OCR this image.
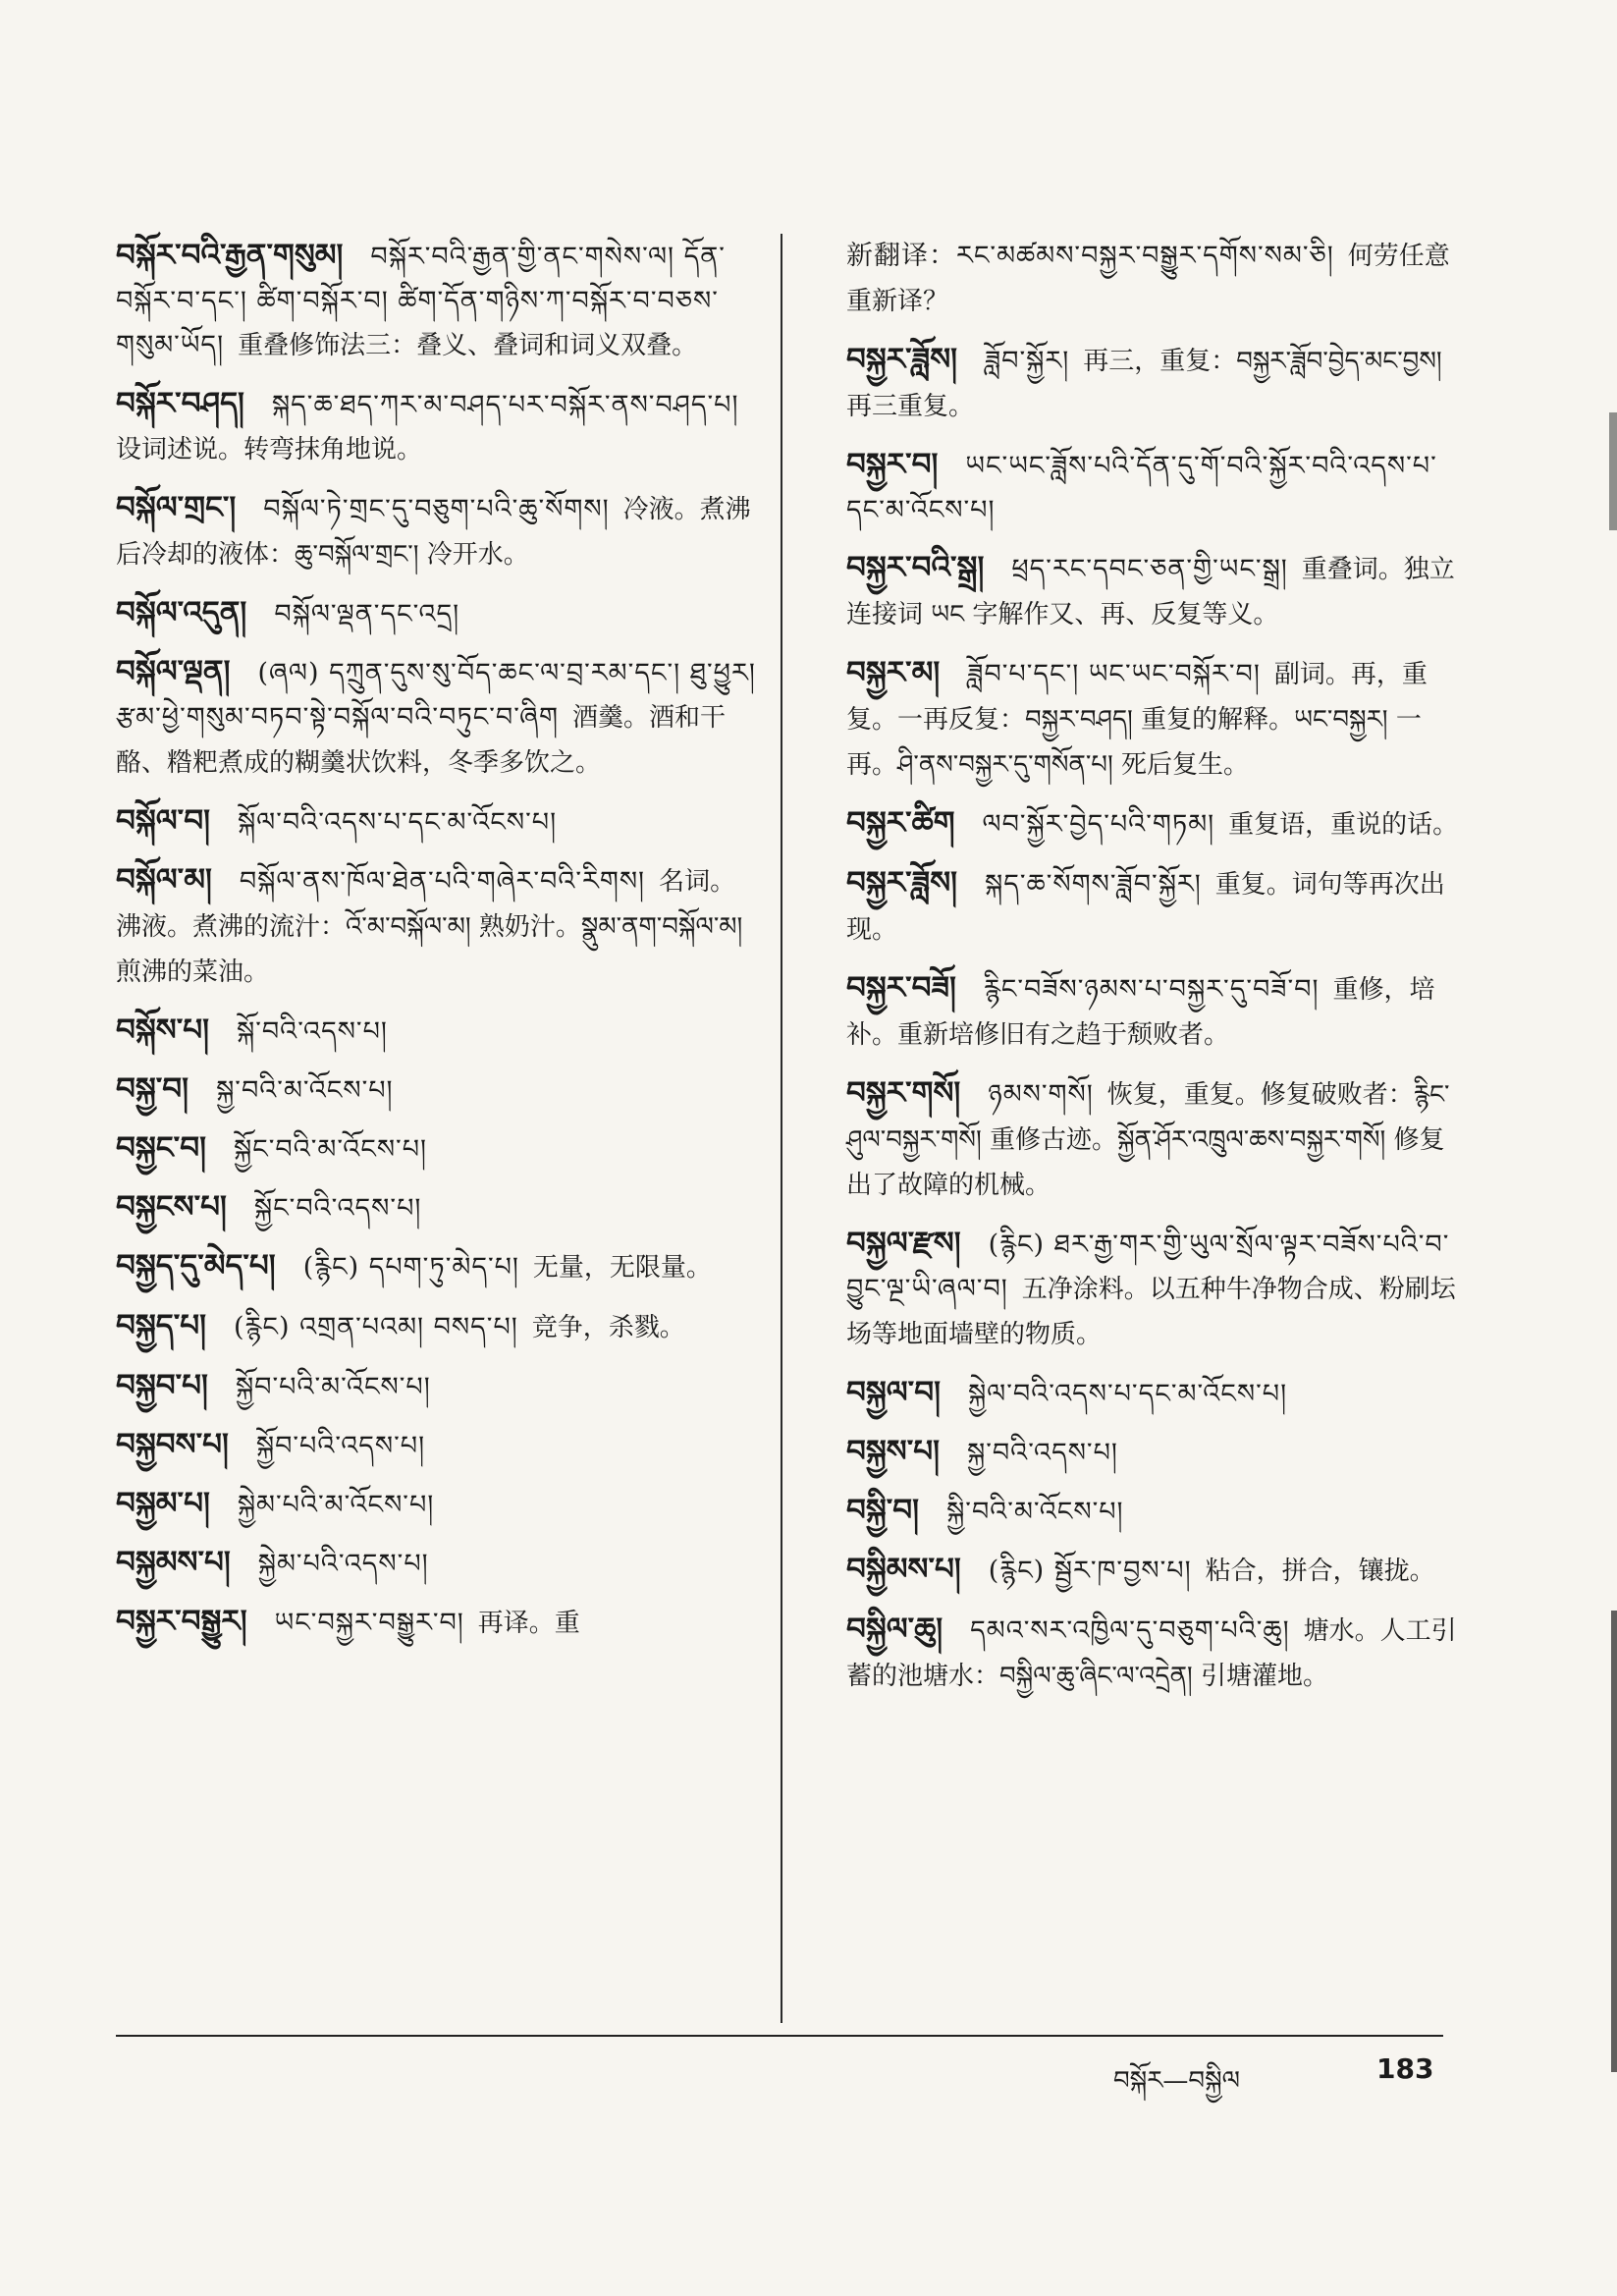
བསྐོར་བའི་རྒྱན་གསུམ། བསྐོར་བའི་རྒྱན་གྱི་ནང་གསེས་ལ། དོན་བསྐོར་བ་དང་། ཚིག་བསྐོར་བ། ཚིག་དོན་གཉིས་ཀ་བསྐོར་བ་བཅས་གསུམ་ཡོད། 重叠修饰法三：叠义、叠词和词义双叠。
བསྐོར་བཤད། སྐད་ཆ་ཐད་ཀར་མ་བཤད་པར་བསྐོར་ནས་བཤད་པ།设词述说。转弯抹角地说。
བསྐོལ་གྲང་། བསྐོལ་ཏེ་གྲང་དུ་བཅུག་པའི་ཆུ་སོགས། 冷液。煮沸后冷却的液体：ཆུ་བསྐོལ་གྲང་། 冷开水。
བསྐོལ་འདུན། བསྐོལ་ལྡན་དང་འདྲ།
བསྐོལ་ལྡན། (ཞལ) དཀྲུན་དུས་སུ་བོད་ཆང་ལ་བྲ་རམ་དང་། ཐུ་ཕྱུར། རྩམ་ཕྱེ་གསུམ་བཏབ་སྟེ་བསྐོལ་བའི་བཏུང་བ་ཞིག 酒羹。酒和干酪、糌粑煮成的糊羹状饮料，冬季多饮之。
བསྐོལ་བ། སྐོལ་བའི་འདས་པ་དང་མ་འོངས་པ།
བསྐོལ་མ། བསྐོལ་ནས་ཁོལ་ཐེན་པའི་གཞེར་བའི་རིགས། 名词。沸液。煮沸的流汁：འོ་མ་བསྐོལ་མ། 熟奶汁。སྣུམ་ནག་བསྐོལ་མ། 煎沸的菜油。
བསྐོས་པ། སྐོ་བའི་འདས་པ།
བསྐྱ་བ། སྐྱ་བའི་མ་འོངས་པ།
བསྐྱང་བ། སྐྱོང་བའི་མ་འོངས་པ།
བསྐྱངས་པ། སྐྱོང་བའི་འདས་པ།
བསྐྱད་དུ་མེད་པ། (རྙིང) དཔག་ཏུ་མེད་པ། 无量，无限量。
བསྐྱད་པ། (རྙིང) འགྲན་པའམ། བསད་པ། 竞争，杀戮。
བསྐྱབ་པ། སྐྱོབ་པའི་མ་འོངས་པ།
བསྐྱབས་པ། སྐྱོབ་པའི་འདས་པ།
བསྐྱམ་པ། སྐྱེམ་པའི་མ་འོངས་པ།
བསྐྱམས་པ། སྐྱེམ་པའི་འདས་པ།
བསྐྱར་བསྒྱུར། ཡང་བསྐྱར་བསྒྱུར་བ། 再译。重
新翻译：རང་མཚམས་བསྐྱར་བསྒྱུར་དགོས་སམ་ཅི། 何劳任意重新译？
བསྐྱར་ཟློས། ཟློབ་སྐྱོར། 再三，重复：བསྐྱར་ཟློབ་བྱེད་མང་བྱས། 再三重复。
བསྐྱར་བ། ཡང་ཡང་ཟློས་པའི་དོན་དུ་གོ་བའི་སྐྱོར་བའི་འདས་པ་དང་མ་འོངས་པ།
བསྐྱར་བའི་སྒྲ། ཕྲད་རང་དབང་ཅན་གྱི་ཡང་སྒྲ། 重叠词。独立连接词 ཡང 字解作又、再、反复等义。
བསྐྱར་མ། ཟློབ་པ་དང་། ཡང་ཡང་བསྐོར་བ། 副词。再，重复。一再反复：བསྐྱར་བཤད། 重复的解释。ཡང་བསྐྱར། 一再。ཤི་ནས་བསྐྱར་དུ་གསོན་པ། 死后复生。
བསྐྱར་ཚིག ལབ་སྐྱོར་བྱེད་པའི་གཏམ། 重复语，重说的话。
བསྐྱར་ཟློས། སྐད་ཆ་སོགས་ཟློབ་སྐྱོར། 重复。词句等再次出现。
བསྐྱར་བཟོ། རྙིང་བཟོས་ཉམས་པ་བསྐྱར་དུ་བཟོ་བ། 重修，培补。重新培修旧有之趋于颓败者。
བསྐྱར་གསོ། ཉམས་གསོ། 恢复，重复。修复破败者：རྙིང་ཤུལ་བསྐྱར་གསོ། 重修古迹。སྐྱོན་ཤོར་འཁྲུལ་ཆས་བསྐྱར་གསོ། 修复出了故障的机械。
བསྐྱལ་རྫས། (རྙིང) ཐར་རྒྱ་གར་གྱི་ཡུལ་སྲོལ་ལྟར་བཟོས་པའི་བ་བྱུང་ལྔ་ཡི་ཞལ་བ། 五净涂料。以五种牛净物合成、粉刷坛场等地面墙壁的物质。
བསྐྱལ་བ། སྐྱེལ་བའི་འདས་པ་དང་མ་འོངས་པ།
བསྐྱས་པ། སྐྱ་བའི་འདས་པ།
བསྐྱི་བ། སྐྱི་བའི་མ་འོངས་པ།
བསྐྱིམས་པ། (རྙིང) སྦྱོར་ཁ་བྱས་པ། 粘合，拼合，镶拢。
བསྐྱིལ་ཆུ། དམའ་སར་འཁྱིལ་དུ་བཅུག་པའི་ཆུ། 塘水。人工引蓄的池塘水：བསྐྱིལ་ཆུ་ཞིང་ལ་འདྲེན། 引塘灌地。
བསྐོར—བསྐྱིལ	183
